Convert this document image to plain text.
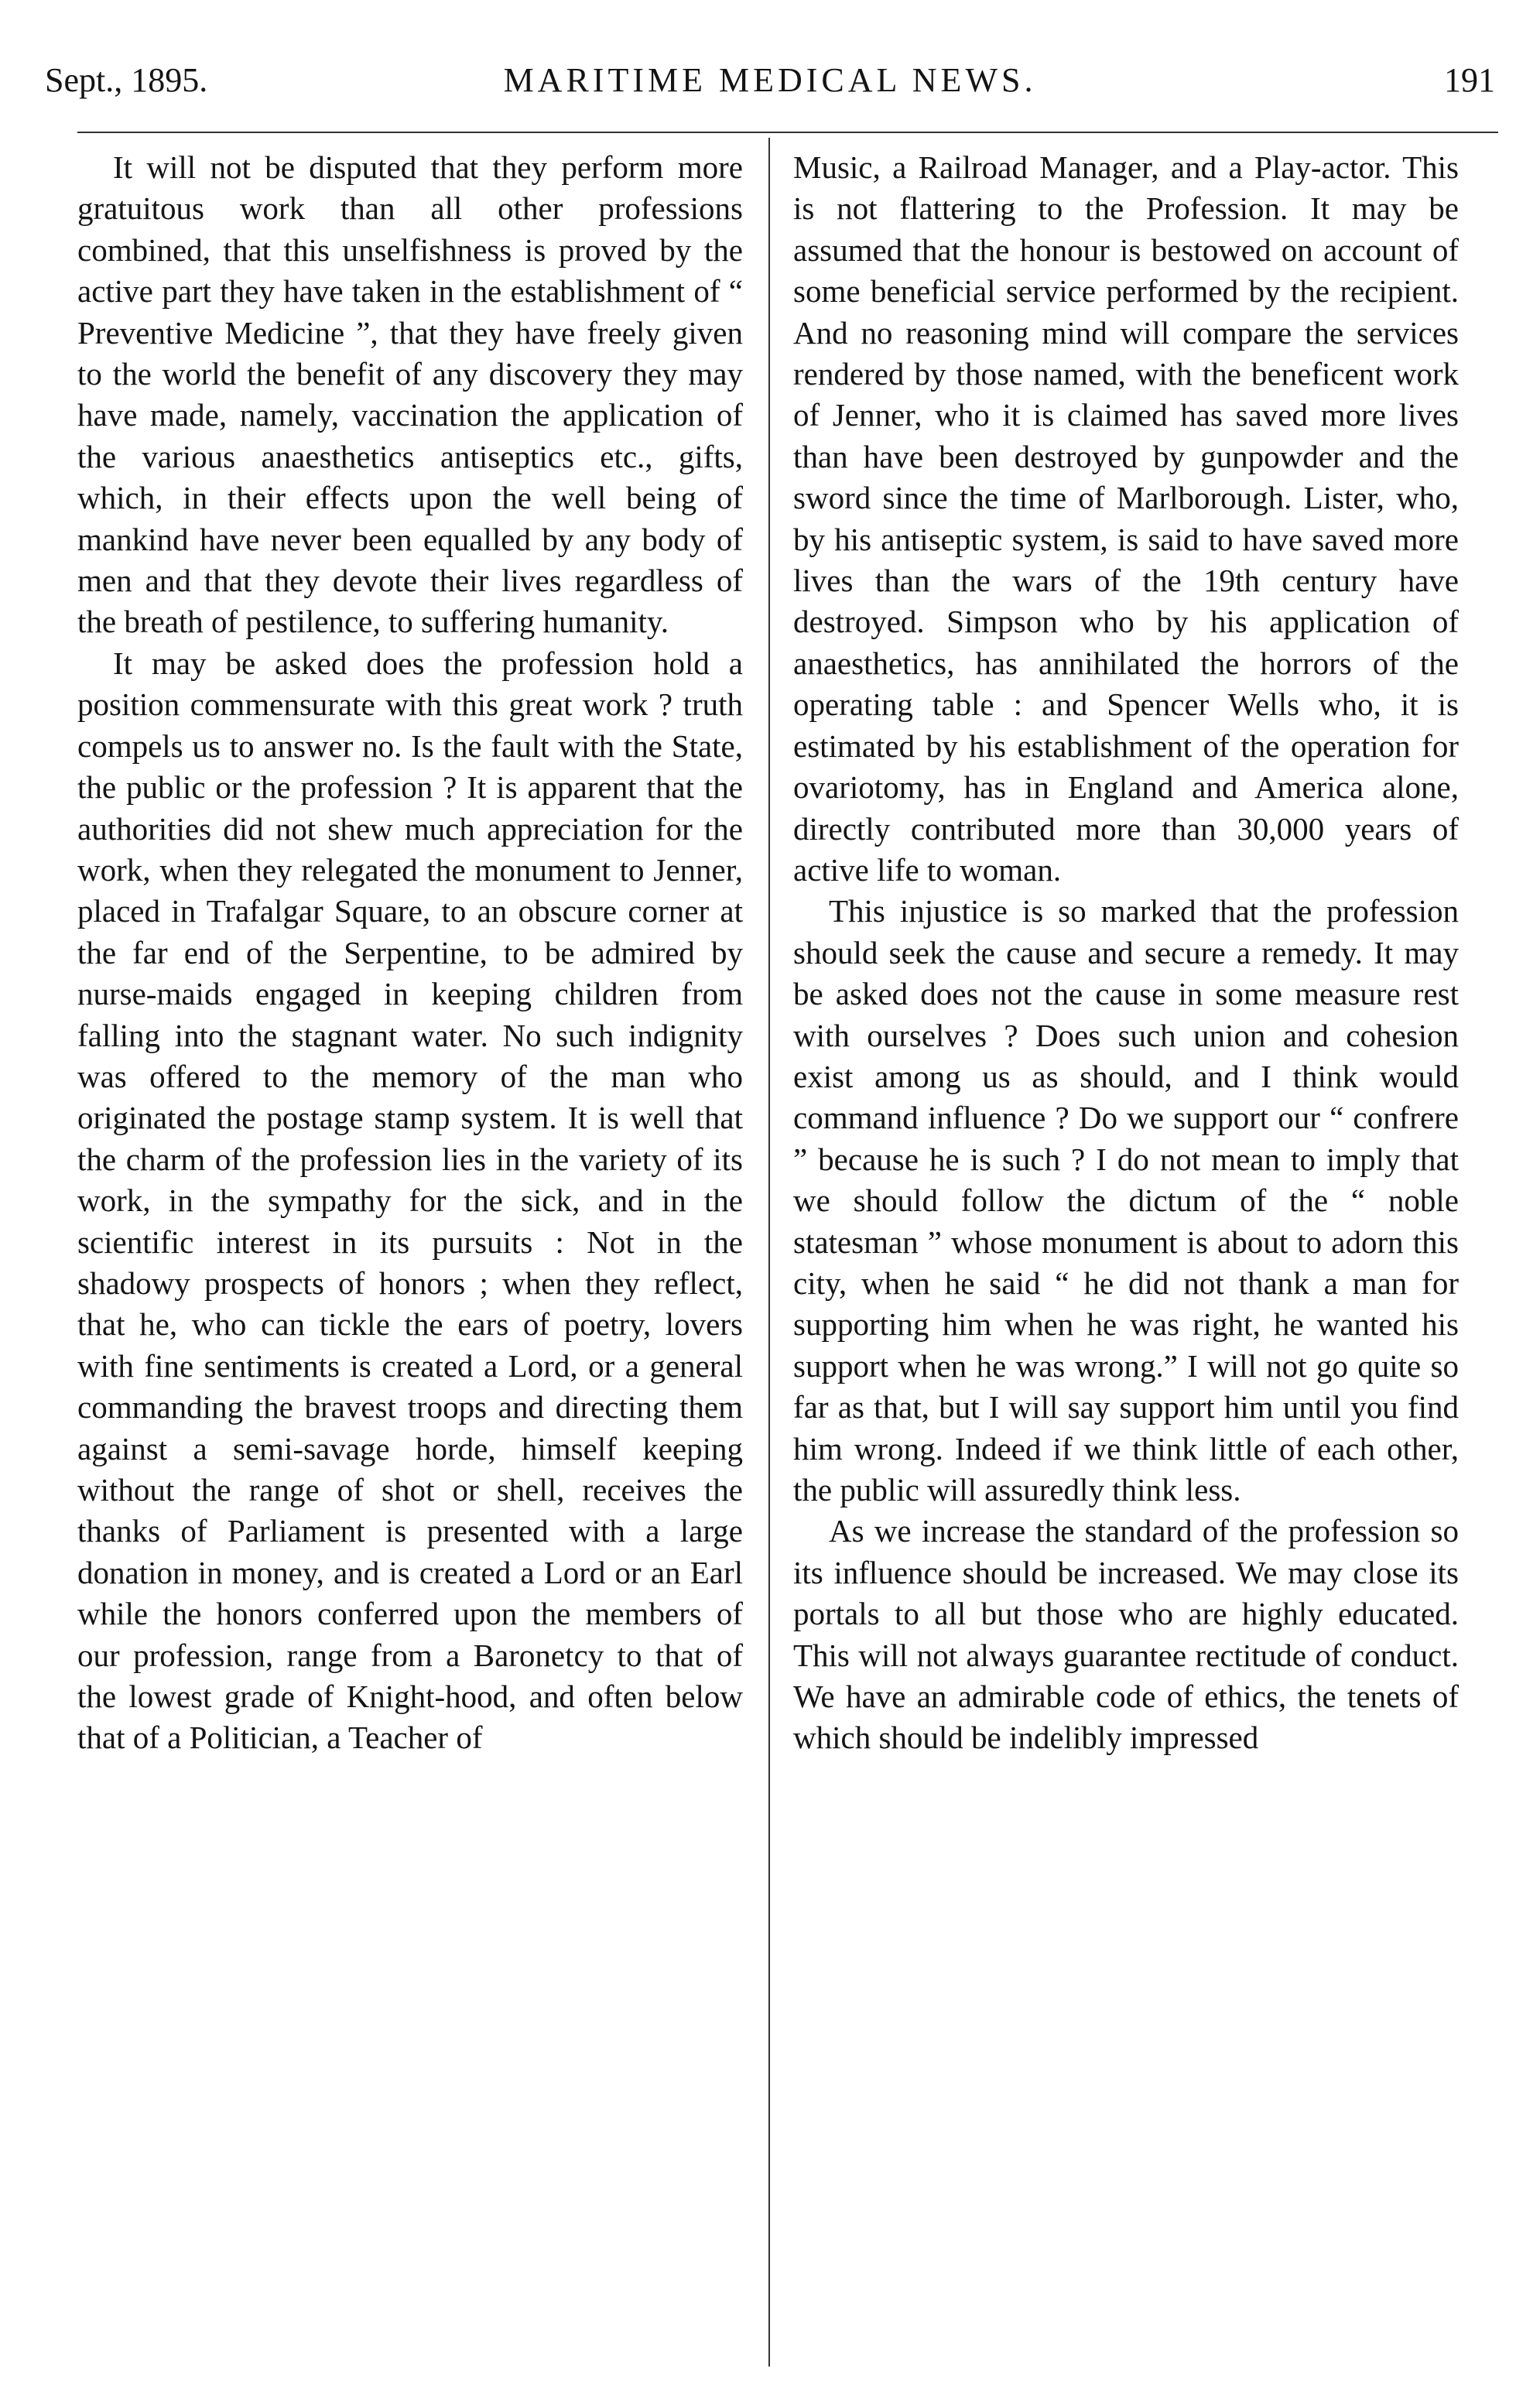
Sept., 1895.	MARITIME MEDICAL NEWS.	191

It will not be disputed that they perform more gratuitous work than all other professions combined, that this unselfishness is proved by the active part they have taken in the establishment of “ Preventive Medicine ”, that they have freely given to the world the benefit of any discovery they may have made, namely, vaccination the application of the various anaesthetics antiseptics etc., gifts, which, in their effects upon the well being of mankind have never been equalled by any body of men and that they devote their lives regardless of the breath of pestilence, to suffering humanity.

It may be asked does the profession hold a position commensurate with this great work ? truth compels us to answer no. Is the fault with the State, the public or the profession ? It is apparent that the authorities did not shew much appreciation for the work, when they relegated the monument to Jenner, placed in Trafalgar Square, to an obscure corner at the far end of the Serpentine, to be admired by nurse-maids engaged in keeping children from falling into the stagnant water. No such indignity was offered to the memory of the man who originated the postage stamp system. It is well that the charm of the profession lies in the variety of its work, in the sympathy for the sick, and in the scientific interest in its pursuits : Not in the shadowy prospects of honors ; when they reflect, that he, who can tickle the ears of poetry, lovers with fine sentiments is created a Lord, or a general commanding the bravest troops and directing them against a semi-savage horde, himself keeping without the range of shot or shell, receives the thanks of Parliament is presented with a large donation in money, and is created a Lord or an Earl while the honors conferred upon the members of our profession, range from a Baronetcy to that of the lowest grade of Knight-hood, and often below that of a Politician, a Teacher of

Music, a Railroad Manager, and a Play-actor. This is not flattering to the Profession. It may be assumed that the honour is bestowed on account of some beneficial service performed by the recipient. And no reasoning mind will compare the services rendered by those named, with the beneficent work of Jenner, who it is claimed has saved more lives than have been destroyed by gunpowder and the sword since the time of Marlborough. Lister, who, by his antiseptic system, is said to have saved more lives than the wars of the 19th century have destroyed. Simpson who by his application of anaesthetics, has annihilated the horrors of the operating table : and Spencer Wells who, it is estimated by his establishment of the operation for ovariotomy, has in England and America alone, directly contributed more than 30,000 years of active life to woman.

This injustice is so marked that the profession should seek the cause and secure a remedy. It may be asked does not the cause in some measure rest with ourselves ? Does such union and cohesion exist among us as should, and I think would command influence ? Do we support our “ confrere ” because he is such ? I do not mean to imply that we should follow the dictum of the “ noble statesman ” whose monument is about to adorn this city, when he said “ he did not thank a man for supporting him when he was right, he wanted his support when he was wrong.” I will not go quite so far as that, but I will say support him until you find him wrong. Indeed if we think little of each other, the public will assuredly think less.

As we increase the standard of the profession so its influence should be increased. We may close its portals to all but those who are highly educated. This will not always guarantee rectitude of conduct. We have an admirable code of ethics, the tenets of which should be indelibly impressed
